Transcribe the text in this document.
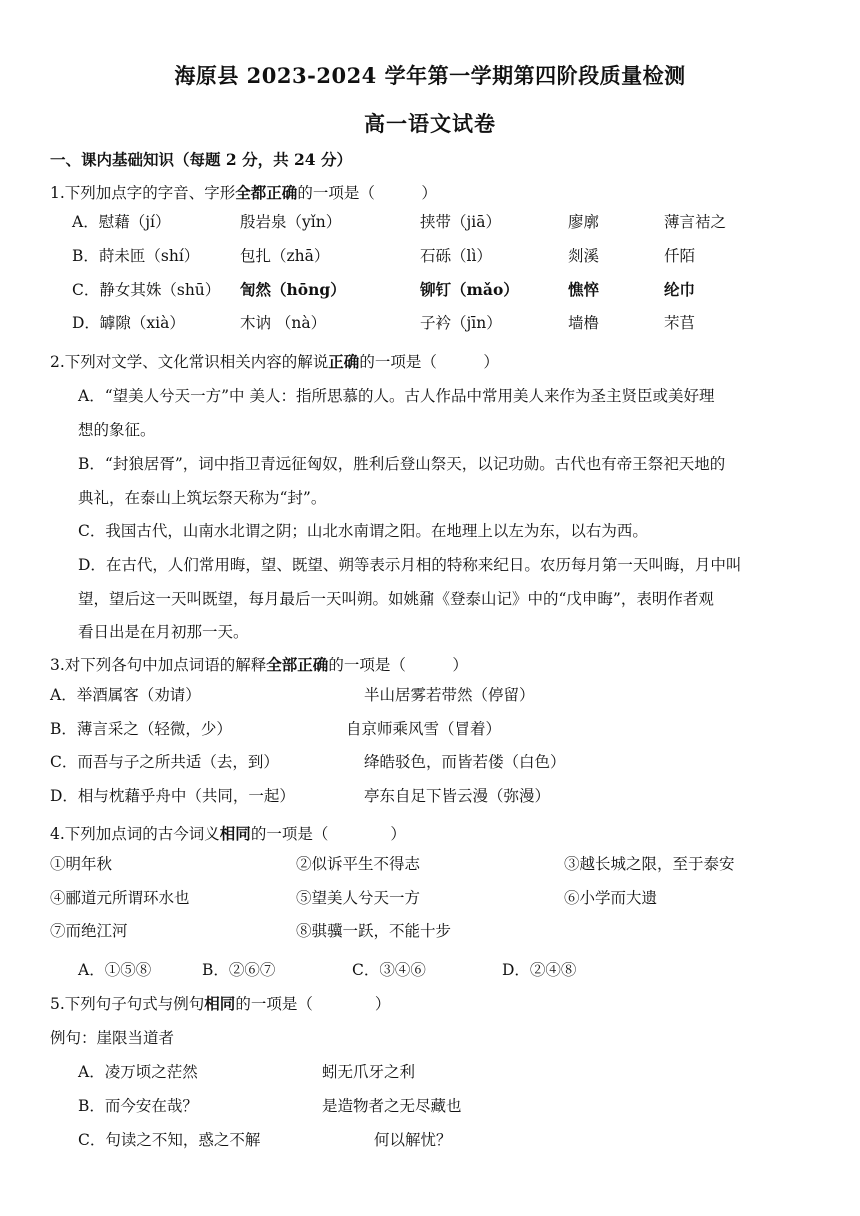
海原县 2023-2024 学年第一学期第四阶段质量检测
高一语文试卷
一、课内基础知识（每题 2 分，共 24 分）
1.下列加点字的字音、字形全都正确的一项是（　　　）
A．慰藉（jí）	殷岩泉（yǐn）	挟带（jiā）	廖廓	薄言袺之
B．莳未匝（shí）	包扎（zhā）	石砾（lì）	剡溪	仟陌
C．静女其姝（shū） 訇然（hōng）	铆钉（mǎo）	憔悴	纶巾
D．罅隙（xià）	木讷 （nà）	子衿（jīn）	墙橹	芣苢
2.下列对文学、文化常识相关内容的解说正确的一项是（　　　）
A．“望美人兮天一方”中 美人：指所思慕的人。古人作品中常用美人来作为圣主贤臣或美好理
想的象征。
B．“封狼居胥”，词中指卫青远征匈奴，胜利后登山祭天，以记功勋。古代也有帝王祭祀天地的
典礼，在泰山上筑坛祭天称为“封”。
C．我国古代，山南水北谓之阴；山北水南谓之阳。在地理上以左为东，以右为西。
D．在古代，人们常用晦，望、既望、朔等表示月相的特称来纪日。农历每月第一天叫晦，月中叫
望，望后这一天叫既望，每月最后一天叫朔。如姚鼐《登泰山记》中的“戊申晦”，表明作者观
看日出是在月初那一天。
3.对下列各句中加点词语的解释全部正确的一项是（　　　）
A．举酒属客（劝请）	半山居雾若带然（停留）
B．薄言采之（轻微，少）	自京师乘风雪（冒着）
C．而吾与子之所共适（去，到）	绛皓驳色，而皆若偻（白色）
D．相与枕藉乎舟中（共同，一起）	亭东自足下皆云漫（弥漫）
4.下列加点词的古今词义相同的一项是（　　　　）
①明年秋	②似诉平生不得志	③越长城之限，至于泰安
④郦道元所谓环水也	⑤望美人兮天一方	⑥小学而大遗
⑦而绝江河	⑧骐骥一跃，不能十步
A．①⑤⑧	B．②⑥⑦	C．③④⑥	D．②④⑧
5.下列句子句式与例句相同的一项是（　　　　）
例句：崖限当道者
A．凌万顷之茫然	蚓无爪牙之利
B．而今安在哉？	是造物者之无尽藏也
C．句读之不知，惑之不解	何以解忧？
